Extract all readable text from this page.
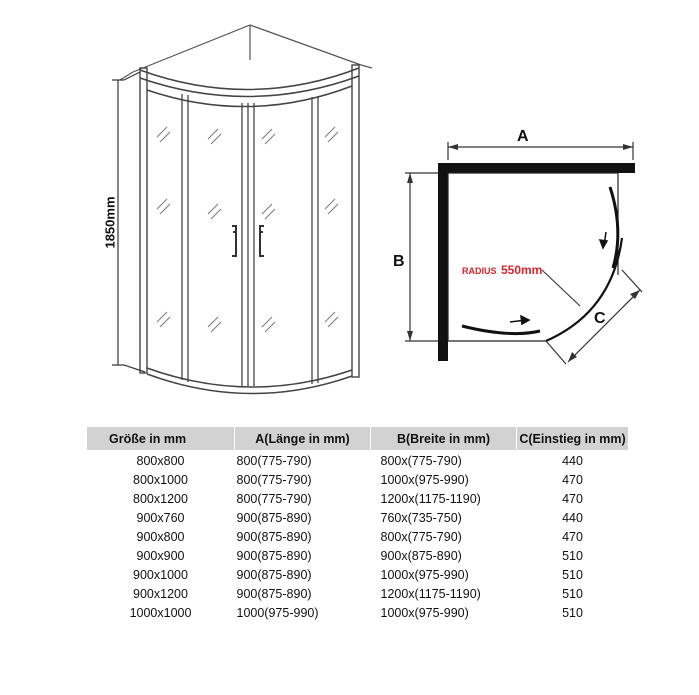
1850mm
A
B
C
RADIUS 550mm
Größe in mm	A(Länge in mm)	B(Breite in mm)	C(Einstieg in mm)
800x800	800(775-790)	800x(775-790)	440
800x1000	800(775-790)	1000x(975-990)	470
800x1200	800(775-790)	1200x(1175-1190)	470
900x760	900(875-890)	760x(735-750)	440
900x800	900(875-890)	800x(775-790)	470
900x900	900(875-890)	900x(875-890)	510
900x1000	900(875-890)	1000x(975-990)	510
900x1200	900(875-890)	1200x(1175-1190)	510
1000x1000	1000(975-990)	1000x(975-990)	510
